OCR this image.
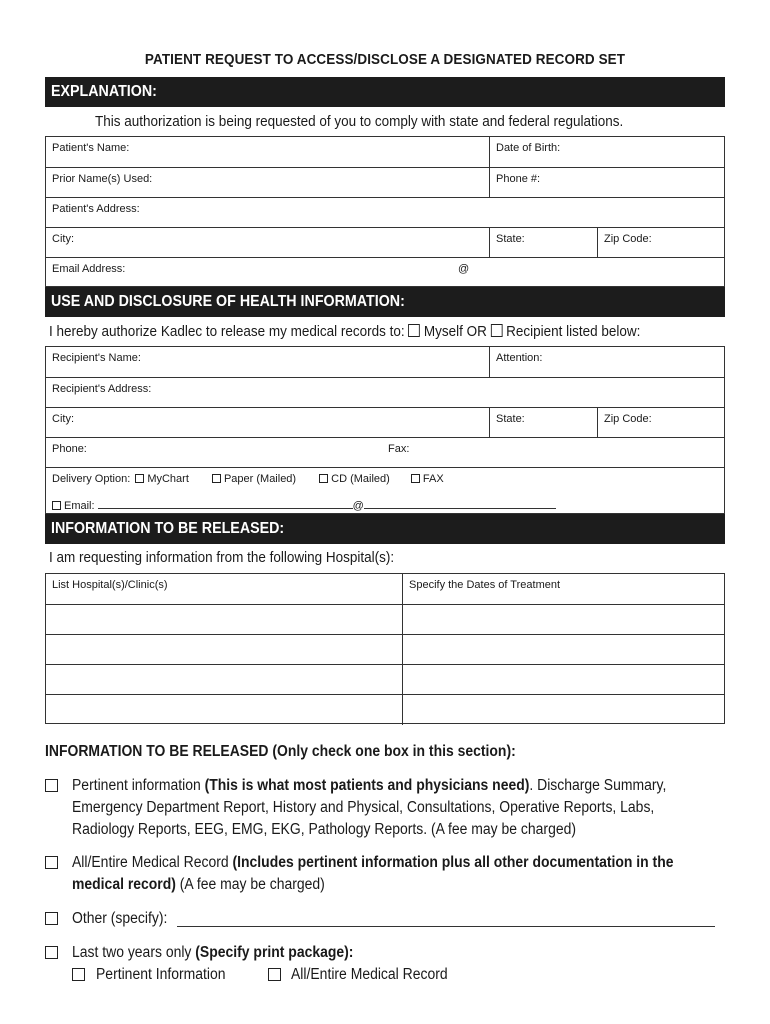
PATIENT REQUEST TO ACCESS/DISCLOSE A DESIGNATED RECORD SET
EXPLANATION:
This authorization is being requested of you to comply with state and federal regulations.
Patient's Name:	Date of Birth:
Prior Name(s) Used:	Phone #:
Patient's Address:
City:	State:	Zip Code:
Email Address:	@
USE AND DISCLOSURE OF HEALTH INFORMATION:
I hereby authorize Kadlec to release my medical records to: Myself OR Recipient listed below:
Recipient's Name:	Attention:
Recipient's Address:
City:	State:	Zip Code:
Phone:	Fax:
Delivery Option: MyChart	Paper (Mailed)	CD (Mailed)	FAX
Email:	@
INFORMATION TO BE RELEASED:
I am requesting information from the following Hospital(s):
List Hospital(s)/Clinic(s)	Specify the Dates of Treatment
INFORMATION TO BE RELEASED (Only check one box in this section):
Pertinent information (This is what most patients and physicians need). Discharge Summary,
Emergency Department Report, History and Physical, Consultations, Operative Reports, Labs,
Radiology Reports, EEG, EMG, EKG, Pathology Reports. (A fee may be charged)
All/Entire Medical Record (Includes pertinent information plus all other documentation in the
medical record) (A fee may be charged)
Other (specify):
Last two years only (Specify print package):
Pertinent Information	All/Entire Medical Record
